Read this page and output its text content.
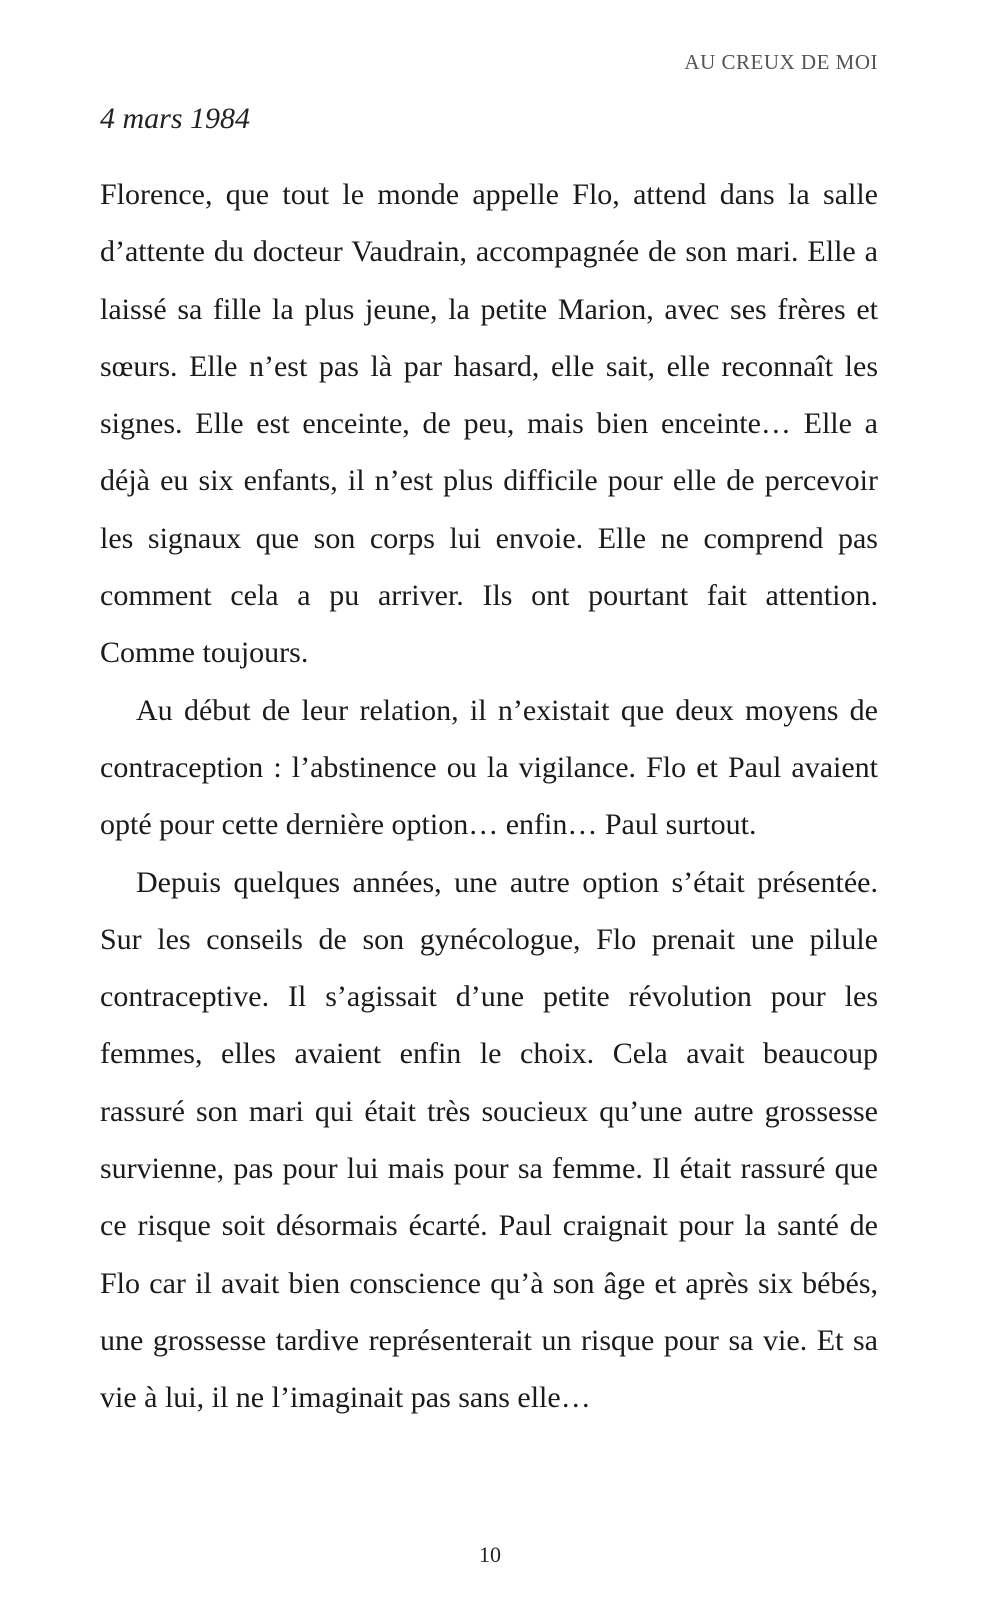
AU CREUX DE MOI
4 mars 1984

Florence, que tout le monde appelle Flo, attend dans la salle d’attente du docteur Vaudrain, accompagnée de son mari. Elle a laissé sa fille la plus jeune, la petite Marion, avec ses frères et sœurs. Elle n’est pas là par hasard, elle sait, elle reconnaît les signes. Elle est enceinte, de peu, mais bien enceinte… Elle a déjà eu six enfants, il n’est plus difficile pour elle de percevoir les signaux que son corps lui envoie. Elle ne comprend pas comment cela a pu arriver. Ils ont pourtant fait attention. Comme toujours.

Au début de leur relation, il n’existait que deux moyens de contraception : l’abstinence ou la vigilance. Flo et Paul avaient opté pour cette dernière option… enfin… Paul surtout.

Depuis quelques années, une autre option s’était présentée. Sur les conseils de son gynécologue, Flo prenait une pilule contraceptive. Il s’agissait d’une petite révolution pour les femmes, elles avaient enfin le choix. Cela avait beaucoup rassuré son mari qui était très soucieux qu’une autre grossesse survienne, pas pour lui mais pour sa femme. Il était rassuré que ce risque soit désormais écarté. Paul craignait pour la santé de Flo car il avait bien conscience qu’à son âge et après six bébés, une grossesse tardive représenterait un risque pour sa vie. Et sa vie à lui, il ne l’imaginait pas sans elle…

10
